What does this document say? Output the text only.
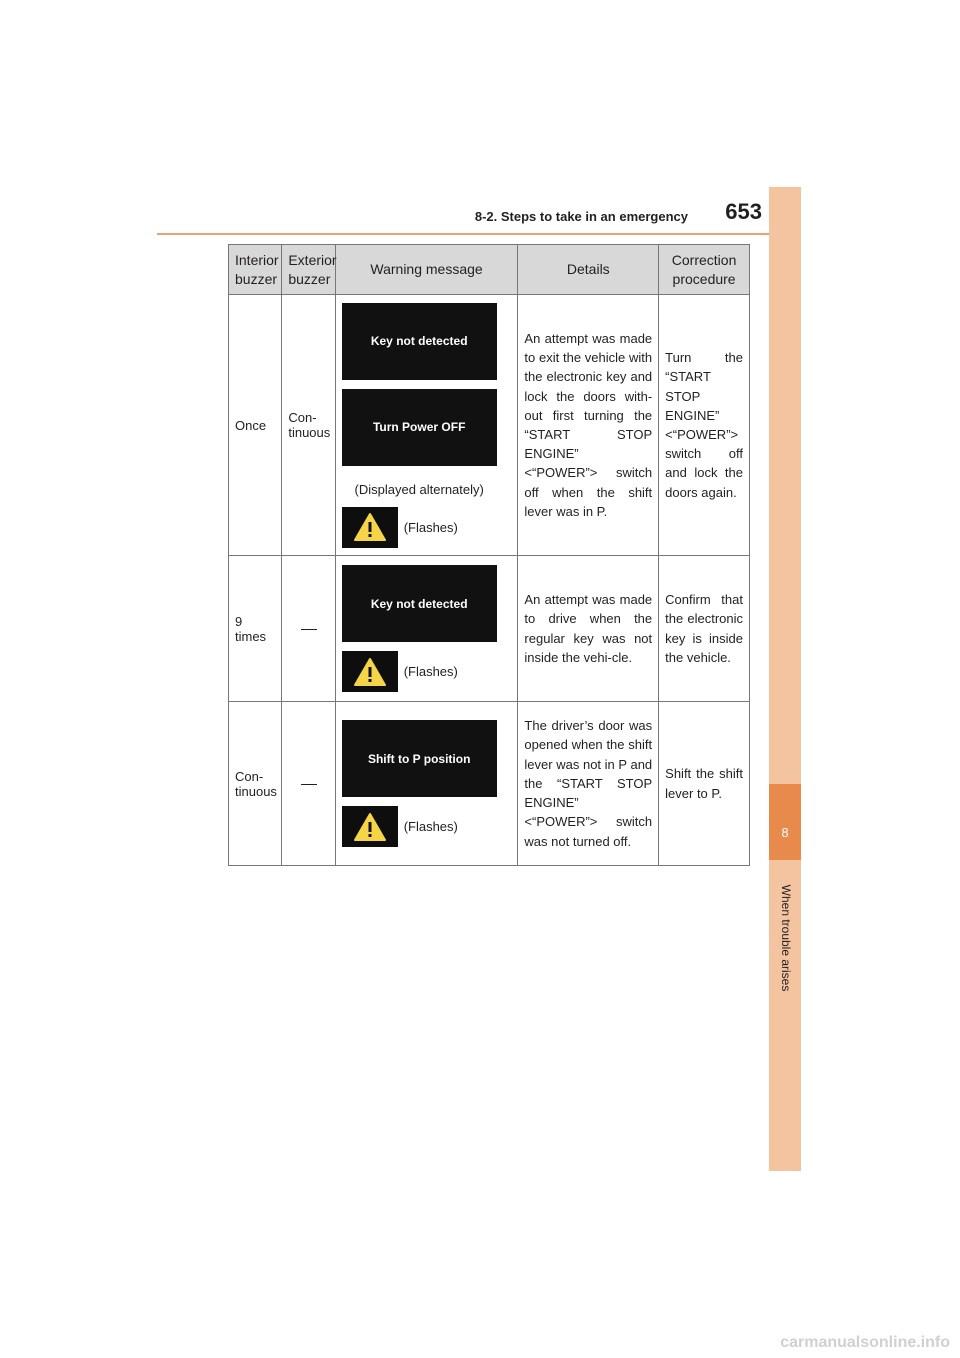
8-2. Steps to take in an emergency	653
8
When trouble arises
Interior buzzer	Exterior buzzer	Warning message	Details	Correction procedure
Once	Con-tinuous	Key not detected
Turn Power OFF
(Displayed alternately)
(Flashes)	An attempt was made to exit the vehicle with the electronic key and lock the doors with-out first turning the “START STOP ENGINE” <“POWER”> switch off when the shift lever was in P.	Turn the “START STOP ENGINE” <“POWER”> switch off and lock the doors again.
9 times		Key not detected
(Flashes)	An attempt was made to drive when the regular key was not inside the vehi-cle.	Confirm that the electronic key is inside the vehicle.
Con-tinuous		Shift to P position
(Flashes)	The driver’s door was opened when the shift lever was not in P and the “START STOP ENGINE” <“POWER”> switch was not turned off.	Shift the shift lever to P.
carmanualsonline.info
